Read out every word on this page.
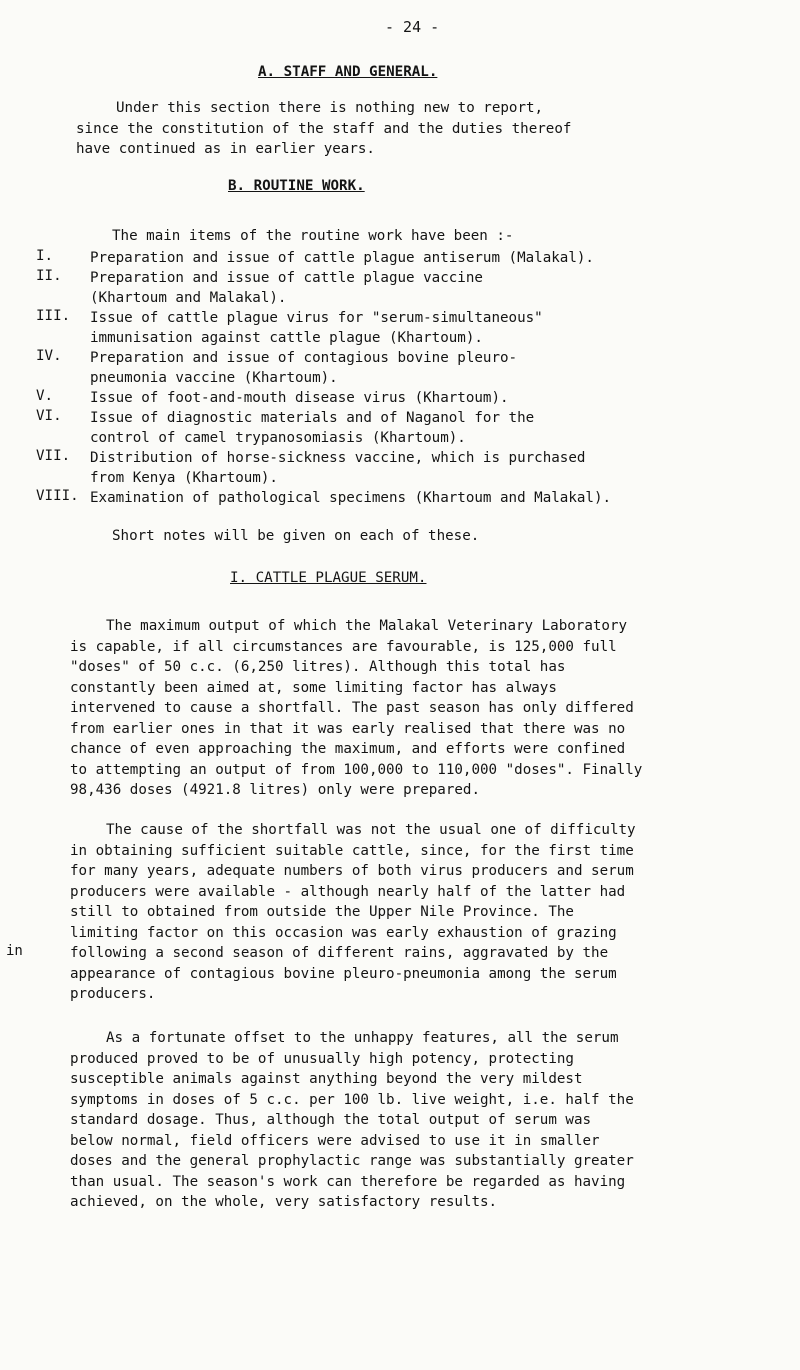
- 24 -
A. STAFF AND GENERAL.
Under this section there is nothing new to report,
since the constitution of the staff and the duties thereof
have continued as in earlier years.
B. ROUTINE WORK.
The main items of the routine work have been :-
I.	Preparation and issue of cattle plague antiserum (Malakal).
II.	Preparation and issue of cattle plague vaccine
(Khartoum and Malakal).
III. Issue of cattle plague virus for "serum-simultaneous"
immunisation against cattle plague (Khartoum).
IV.	Preparation and issue of contagious bovine pleuro-
pneumonia vaccine (Khartoum).
V.	Issue of foot-and-mouth disease virus (Khartoum).
VI.	Issue of diagnostic materials and of Naganol for the
control of camel trypanosomiasis (Khartoum).
VII. Distribution of horse-sickness vaccine, which is purchased
from Kenya (Khartoum).
VIII. Examination of pathological specimens (Khartoum and Malakal).
Short notes will be given on each of these.
I. CATTLE PLAGUE SERUM.
The maximum output of which the Malakal Veterinary Laboratory
is capable, if all circumstances are favourable, is 125,000 full
"doses" of 50 c.c. (6,250 litres). Although this total has
constantly been aimed at, some limiting factor has always
intervened to cause a shortfall. The past season has only differed
from earlier ones in that it was early realised that there was no
chance of even approaching the maximum, and efforts were confined
to attempting an output of from 100,000 to 110,000 "doses". Finally
98,436 doses (4921.8 litres) only were prepared.
The cause of the shortfall was not the usual one of difficulty
in obtaining sufficient suitable cattle, since, for the first time
for many years, adequate numbers of both virus producers and serum
producers were available - although nearly half of the latter had
still to obtained from outside the Upper Nile Province. The
limiting factor on this occasion was early exhaustion of grazing
following a second season of different rains, aggravated by the
appearance of contagious bovine pleuro-pneumonia among the serum
producers.
in
As a fortunate offset to the unhappy features, all the serum
produced proved to be of unusually high potency, protecting
susceptible animals against anything beyond the very mildest
symptoms in doses of 5 c.c. per 100 lb. live weight, i.e. half the
standard dosage. Thus, although the total output of serum was
below normal, field officers were advised to use it in smaller
doses and the general prophylactic range was substantially greater
than usual. The season's work can therefore be regarded as having
achieved, on the whole, very satisfactory results.
